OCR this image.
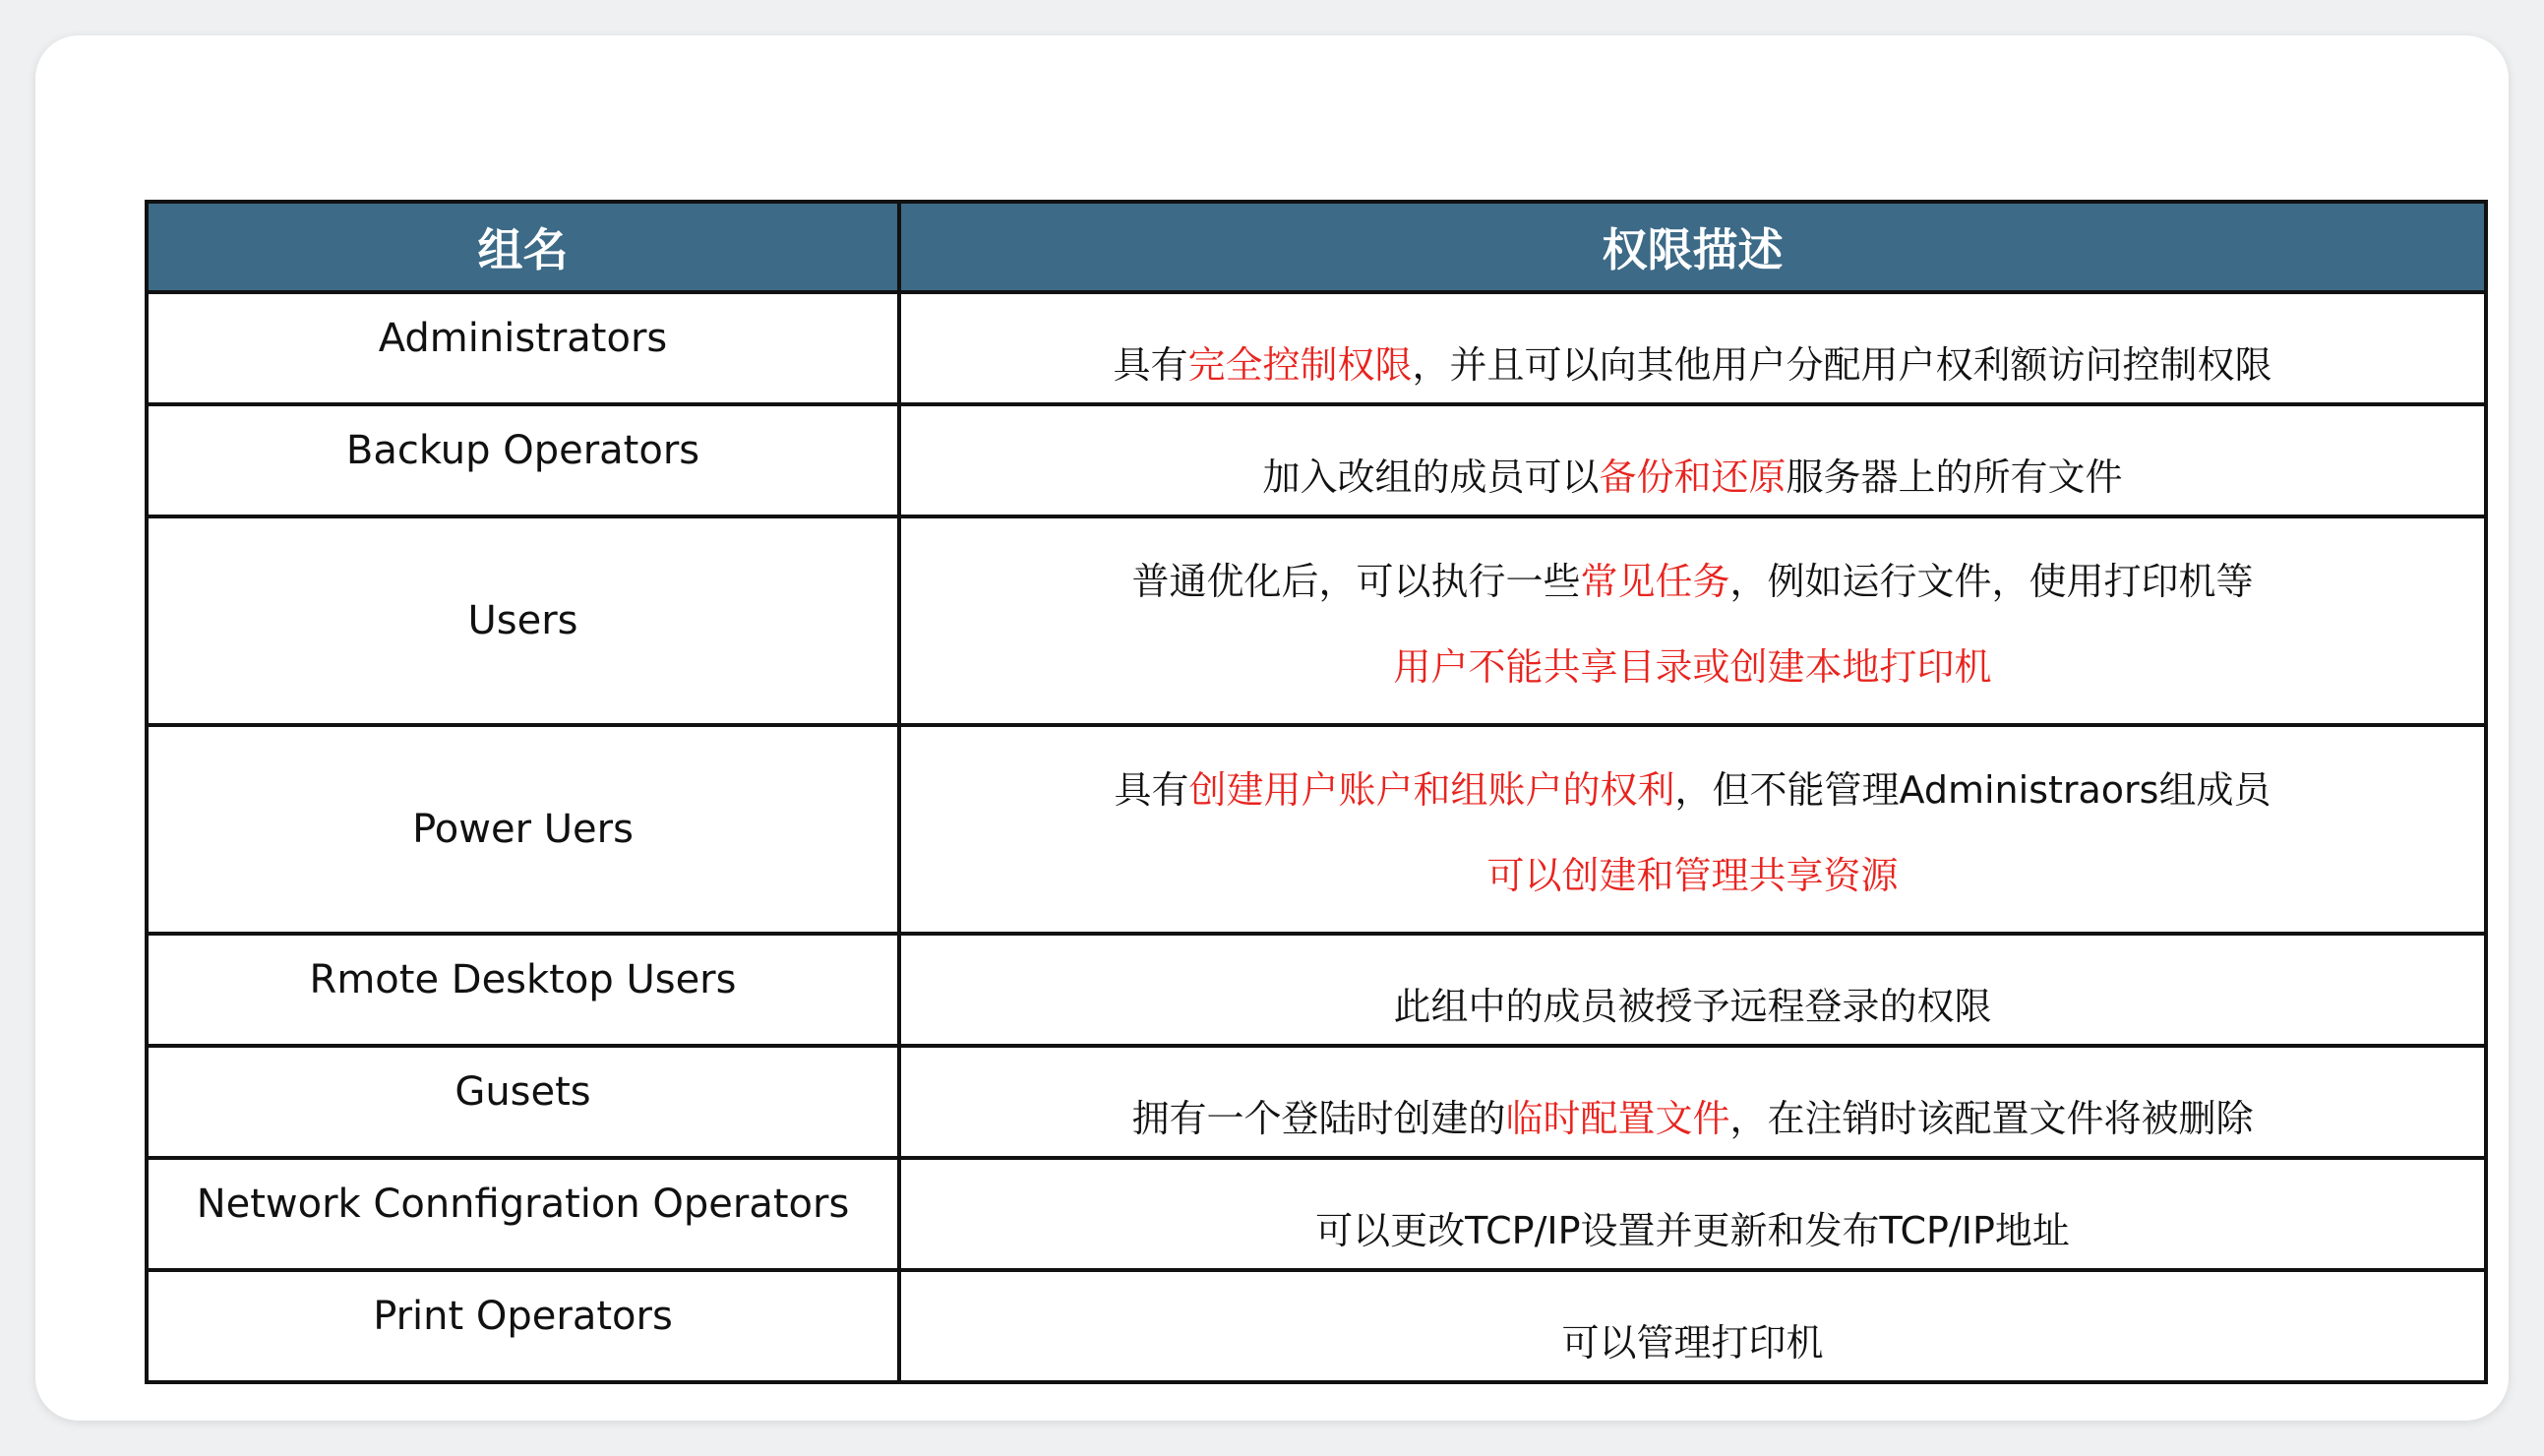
组名	权限描述
Administrators
具有完全控制权限，并且可以向其他用户分配用户权利额访问控制权限
Backup Operators
加入改组的成员可以备份和还原服务器上的所有文件
Users
普通优化后，可以执行一些常见任务，例如运行文件，使用打印机等
用户不能共享目录或创建本地打印机
Power Uers
具有创建用户账户和组账户的权利，但不能管理Administraors组成员
可以创建和管理共享资源
Rmote Desktop Users
此组中的成员被授予远程登录的权限
Gusets
拥有一个登陆时创建的临时配置文件，在注销时该配置文件将被删除
Network Connfigration Operators
可以更改TCP/IP设置并更新和发布TCP/IP地址
Print Operators
可以管理打印机
